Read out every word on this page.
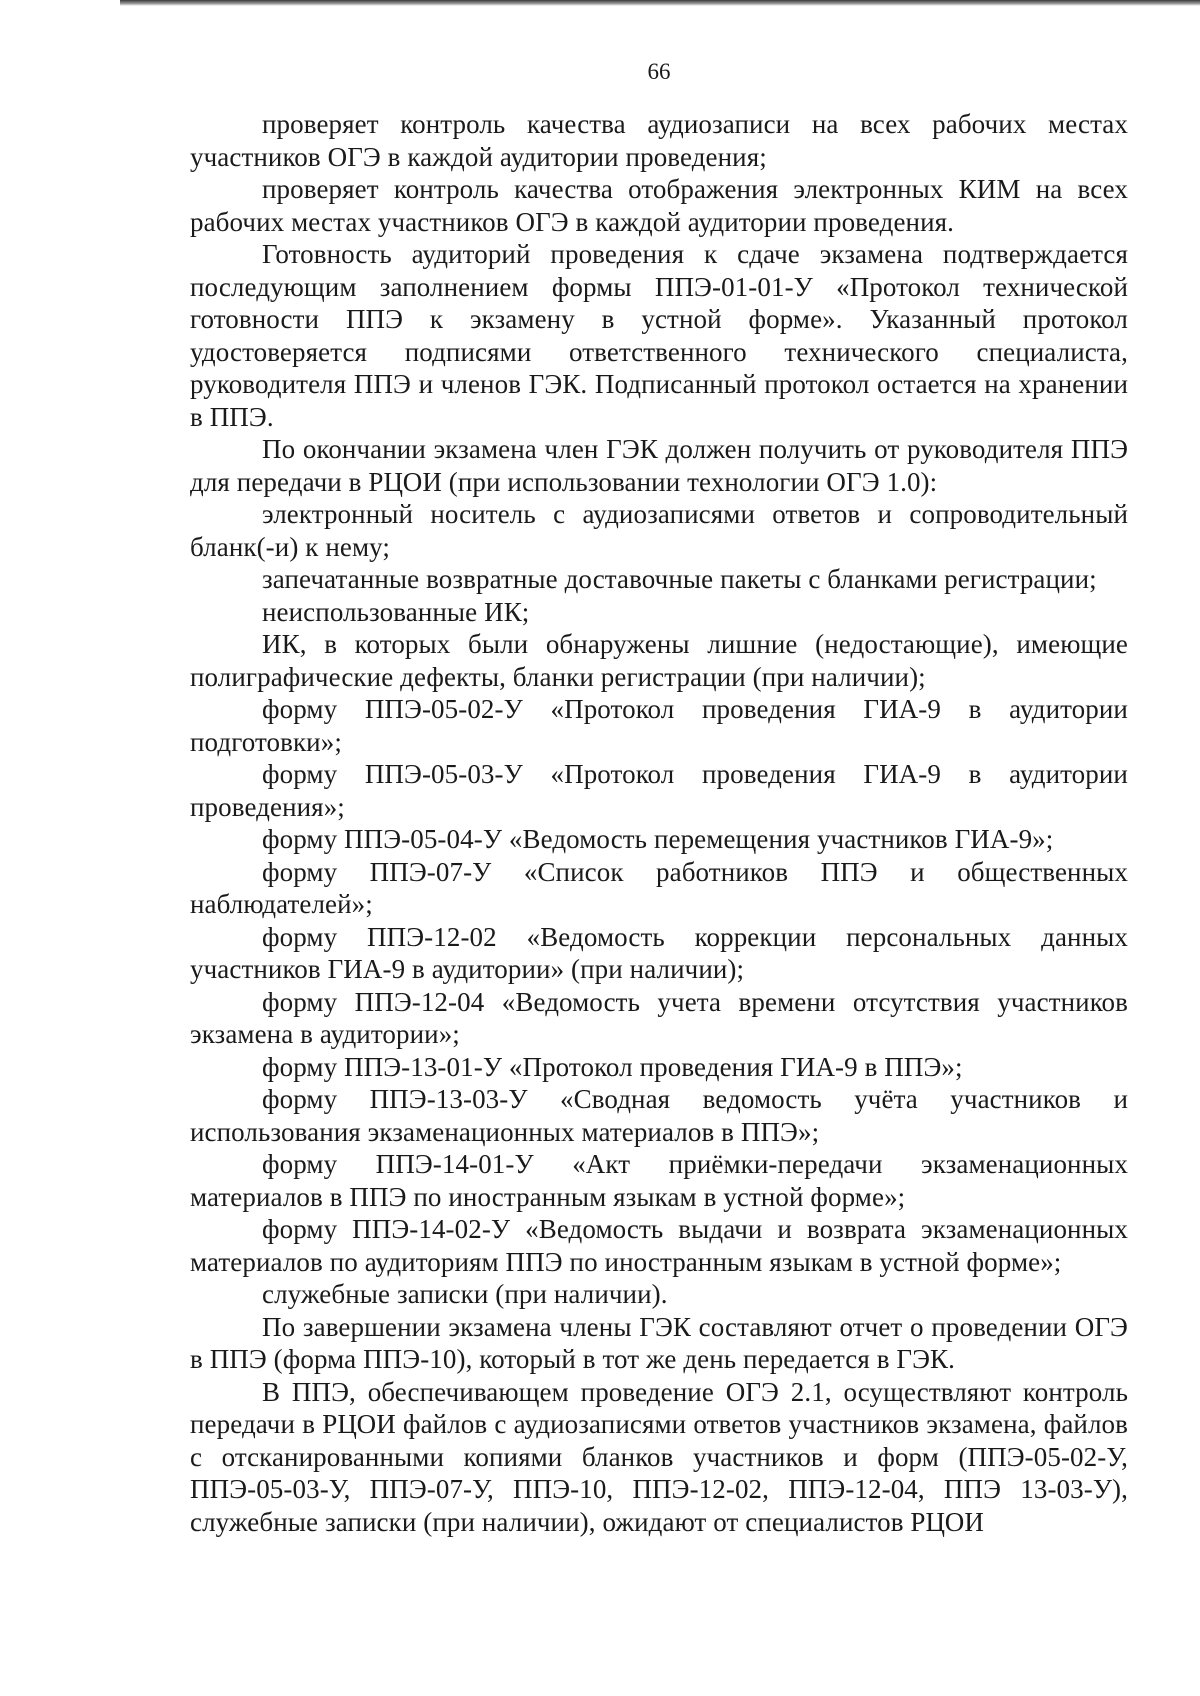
66

проверяет контроль качества аудиозаписи на всех рабочих местах участников ОГЭ в каждой аудитории проведения;

проверяет контроль качества отображения электронных КИМ на всех рабочих местах участников ОГЭ в каждой аудитории проведения.

Готовность аудиторий проведения к сдаче экзамена подтверждается последующим заполнением формы ППЭ-01-01-У «Протокол технической готовности ППЭ к экзамену в устной форме». Указанный протокол удостоверяется подписями ответственного технического специалиста, руководителя ППЭ и членов ГЭК. Подписанный протокол остается на хранении в ППЭ.

По окончании экзамена член ГЭК должен получить от руководителя ППЭ для передачи в РЦОИ (при использовании технологии ОГЭ 1.0):

электронный носитель с аудиозаписями ответов и сопроводительный бланк(-и) к нему;

запечатанные возвратные доставочные пакеты с бланками регистрации;

неиспользованные ИК;

ИК, в которых были обнаружены лишние (недостающие), имеющие полиграфические дефекты, бланки регистрации (при наличии);

форму ППЭ-05-02-У «Протокол проведения ГИА-9 в аудитории подготовки»;

форму ППЭ-05-03-У «Протокол проведения ГИА-9 в аудитории проведения»;

форму ППЭ-05-04-У «Ведомость перемещения участников ГИА-9»;

форму ППЭ-07-У «Список работников ППЭ и общественных наблюдателей»;

форму ППЭ-12-02 «Ведомость коррекции персональных данных участников ГИА-9 в аудитории» (при наличии);

форму ППЭ-12-04 «Ведомость учета времени отсутствия участников экзамена в аудитории»;

форму ППЭ-13-01-У «Протокол проведения ГИА-9 в ППЭ»;

форму ППЭ-13-03-У «Сводная ведомость учёта участников и использования экзаменационных материалов в ППЭ»;

форму ППЭ-14-01-У «Акт приёмки-передачи экзаменационных материалов в ППЭ по иностранным языкам в устной форме»;

форму ППЭ-14-02-У «Ведомость выдачи и возврата экзаменационных материалов по аудиториям ППЭ по иностранным языкам в устной форме»;

служебные записки (при наличии).

По завершении экзамена члены ГЭК составляют отчет о проведении ОГЭ в ППЭ (форма ППЭ-10), который в тот же день передается в ГЭК.

В ППЭ, обеспечивающем проведение ОГЭ 2.1, осуществляют контроль передачи в РЦОИ файлов с аудиозаписями ответов участников экзамена, файлов с отсканированными копиями бланков участников и форм (ППЭ-05-02-У, ППЭ-05-03-У, ППЭ-07-У, ППЭ-10, ППЭ-12-02, ППЭ-12-04, ППЭ 13-03-У), служебные записки (при наличии), ожидают от специалистов РЦОИ
